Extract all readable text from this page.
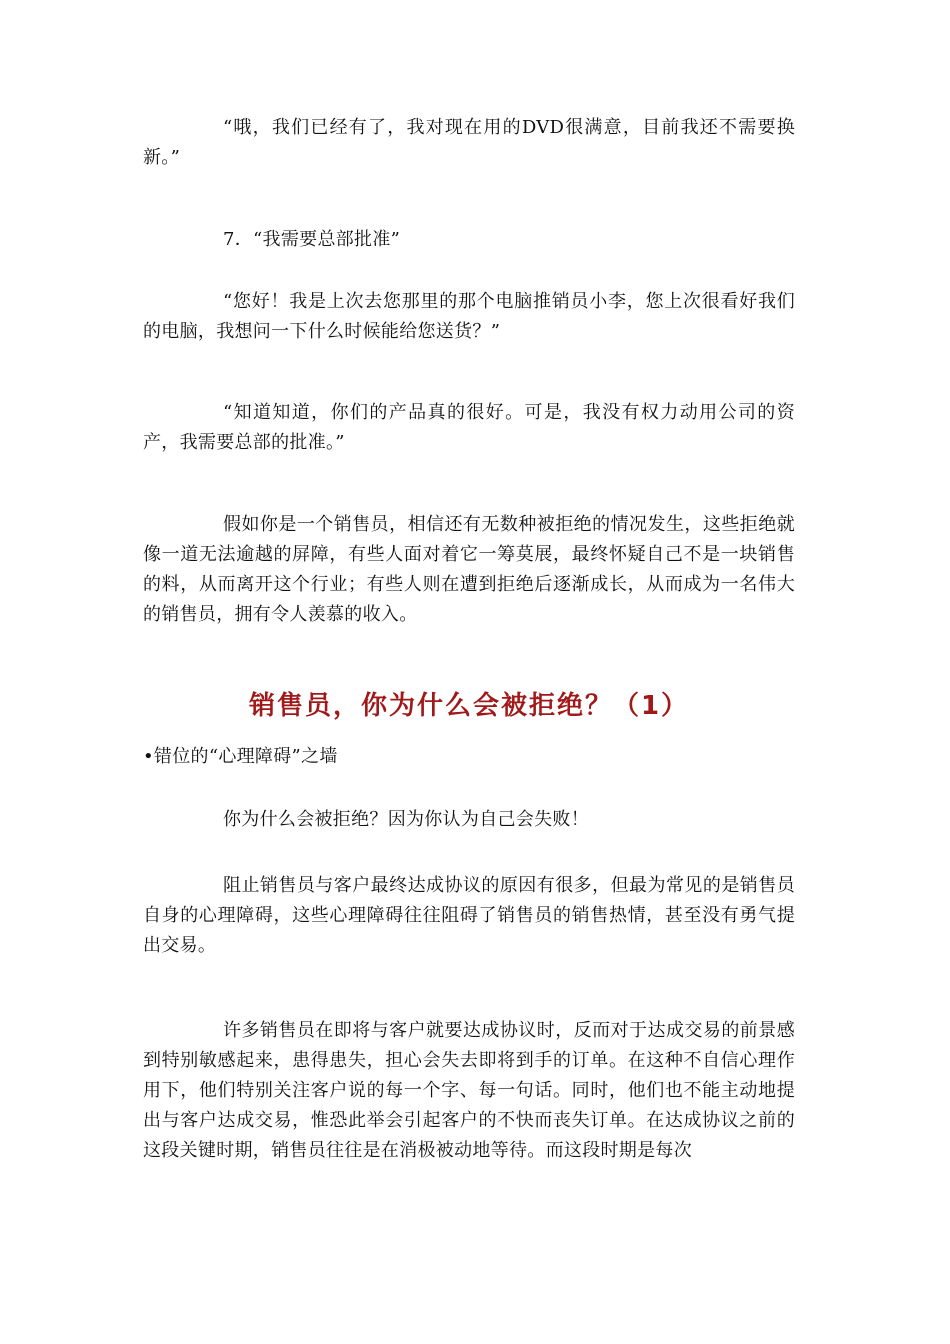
“哦，我们已经有了，我对现在用的DVD很满意，目前我还不需要换新。”

7．“我需要总部批准”

“您好！我是上次去您那里的那个电脑推销员小李，您上次很看好我们的电脑，我想问一下什么时候能给您送货？”

“知道知道，你们的产品真的很好。可是，我没有权力动用公司的资产，我需要总部的批准。”

假如你是一个销售员，相信还有无数种被拒绝的情况发生，这些拒绝就像一道无法逾越的屏障，有些人面对着它一筹莫展，最终怀疑自己不是一块销售的料，从而离开这个行业；有些人则在遭到拒绝后逐渐成长，从而成为一名伟大的销售员，拥有令人羡慕的收入。

销售员，你为什么会被拒绝？（1）

•错位的“心理障碍”之墙

你为什么会被拒绝？因为你认为自己会失败！

阻止销售员与客户最终达成协议的原因有很多，但最为常见的是销售员自身的心理障碍，这些心理障碍往往阻碍了销售员的销售热情，甚至没有勇气提出交易。

许多销售员在即将与客户就要达成协议时，反而对于达成交易的前景感到特别敏感起来，患得患失，担心会失去即将到手的订单。在这种不自信心理作用下，他们特别关注客户说的每一个字、每一句话。同时，他们也不能主动地提出与客户达成交易，惟恐此举会引起客户的不快而丧失订单。在达成协议之前的这段关键时期，销售员往往是在消极被动地等待。而这段时期是每次
